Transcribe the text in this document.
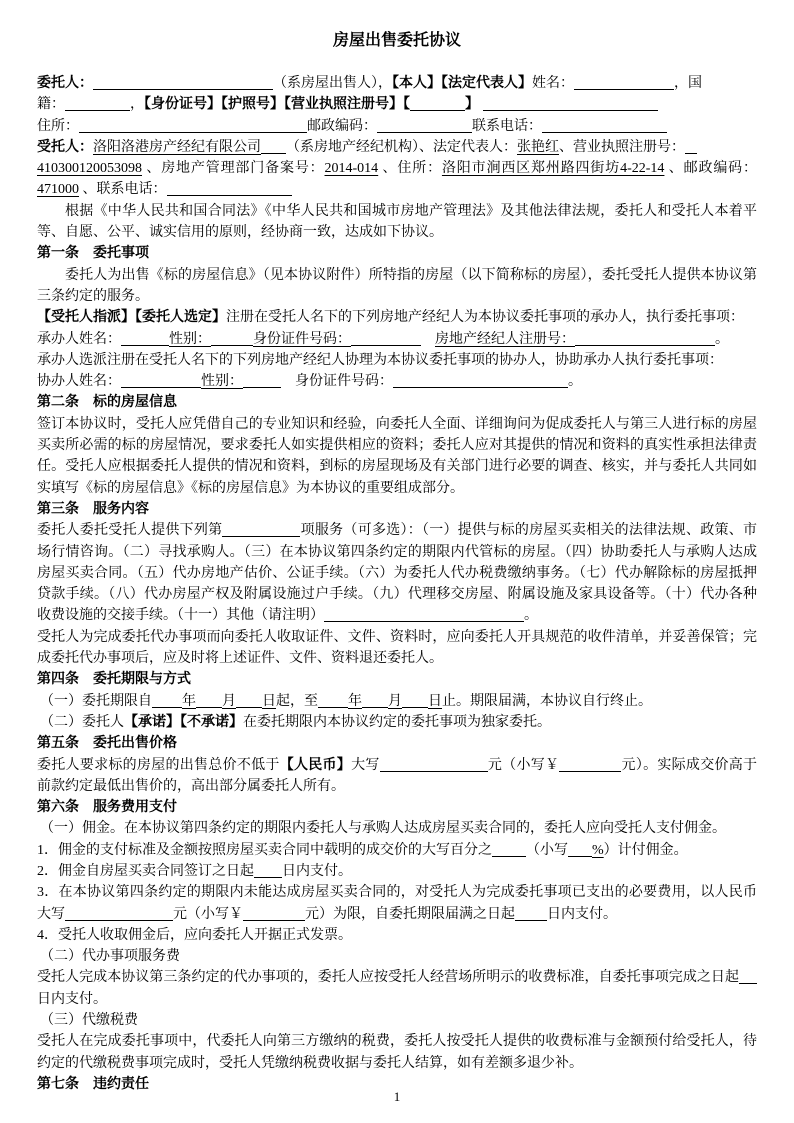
房屋出售委托协议

委托人：	（系房屋出售人），【本人】【法定代表人】姓名：	，国

籍：	，【身份证号】【护照号】【营业执照注册号】【	】

住所：	邮政编码：	联系电话：

受托人：洛阳洛港房产经纪有限公司 （系房地产经纪机构）、法定代表人：张艳红、营业执照注册号：

410300120053098 、房地产管理部门备案号：2014-014 、住所：洛阳市涧西区郑州路四街坊4-22-14 、邮政编码：471000 、联系电话：

根据《中华人民共和国合同法》《中华人民共和国城市房地产管理法》及其他法律法规，委托人和受托人本着平等、自愿、公平、诚实信用的原则，经协商一致，达成如下协议。

第一条　委托事项

委托人为出售《标的房屋信息》（见本协议附件）所特指的房屋（以下简称标的房屋），委托受托人提供本协议第三条约定的服务。

【受托人指派】【委托人选定】注册在受托人名下的下列房地产经纪人为本协议委托事项的承办人，执行委托事项：

承办人姓名：	性别：	身份证件号码：　	房地产经纪人注册号：	。

承办人选派注册在受托人名下的下列房地产经纪人协理为本协议委托事项的协办人，协助承办人执行委托事项：

协办人姓名：	性别：　	身份证件号码：	。

第二条　标的房屋信息

签订本协议时，受托人应凭借自己的专业知识和经验，向委托人全面、详细询问为促成委托人与第三人进行标的房屋买卖所必需的标的房屋情况，要求委托人如实提供相应的资料；委托人应对其提供的情况和资料的真实性承担法律责任。受托人应根据委托人提供的情况和资料，到标的房屋现场及有关部门进行必要的调查、核实，并与委托人共同如实填写《标的房屋信息》《标的房屋信息》为本协议的重要组成部分。

第三条　服务内容

委托人委托受托人提供下列第	项服务（可多选）：（一）提供与标的房屋买卖相关的法律法规、政策、市场行情咨询。（二）寻找承购人。（三）在本协议第四条约定的期限内代管标的房屋。（四）协助委托人与承购人达成房屋买卖合同。（五）代办房地产估价、公证手续。（六）为委托人代办税费缴纳事务。（七）代办解除标的房屋抵押贷款手续。（八）代办房屋产权及附属设施过户手续。（九）代理移交房屋、附属设施及家具设备等。（十）代办各种收费设施的交接手续。（十一）其他（请注明）	。

受托人为完成委托代办事项而向委托人收取证件、文件、资料时，应向委托人开具规范的收件清单，并妥善保管；完成委托代办事项后，应及时将上述证件、文件、资料退还委托人。

第四条　委托期限与方式

（一）委托期限自 年 月 日起，至 年 月 日止。期限届满，本协议自行终止。

（二）委托人【承诺】【不承诺】在委托期限内本协议约定的委托事项为独家委托。

第五条　委托出售价格

委托人要求标的房屋的出售总价不低于【人民币】大写	元（小写￥	元）。实际成交价高于前款约定最低出售价的，高出部分属委托人所有。

第六条　服务费用支付

（一）佣金。在本协议第四条约定的期限内委托人与承购人达成房屋买卖合同的，委托人应向受托人支付佣金。

1．佣金的支付标准及金额按照房屋买卖合同中载明的成交价的大写百分之 （小写 %）计付佣金。

2．佣金自房屋买卖合同签订之日起 日内支付。

3．在本协议第四条约定的期限内未能达成房屋买卖合同的，对受托人为完成委托事项已支出的必要费用，以人民币大写	元（小写￥	元）为限，自委托期限届满之日起 日内支付。

4．受托人收取佣金后，应向委托人开据正式发票。

（二）代办事项服务费

受托人完成本协议第三条约定的代办事项的，委托人应按受托人经营场所明示的收费标准，自委托事项完成之日起日内支付。

（三）代缴税费

受托人在完成委托事项中，代委托人向第三方缴纳的税费，委托人按受托人提供的收费标准与金额预付给受托人，待约定的代缴税费事项完成时，受托人凭缴纳税费收据与委托人结算，如有差额多退少补。

第七条　违约责任

1
